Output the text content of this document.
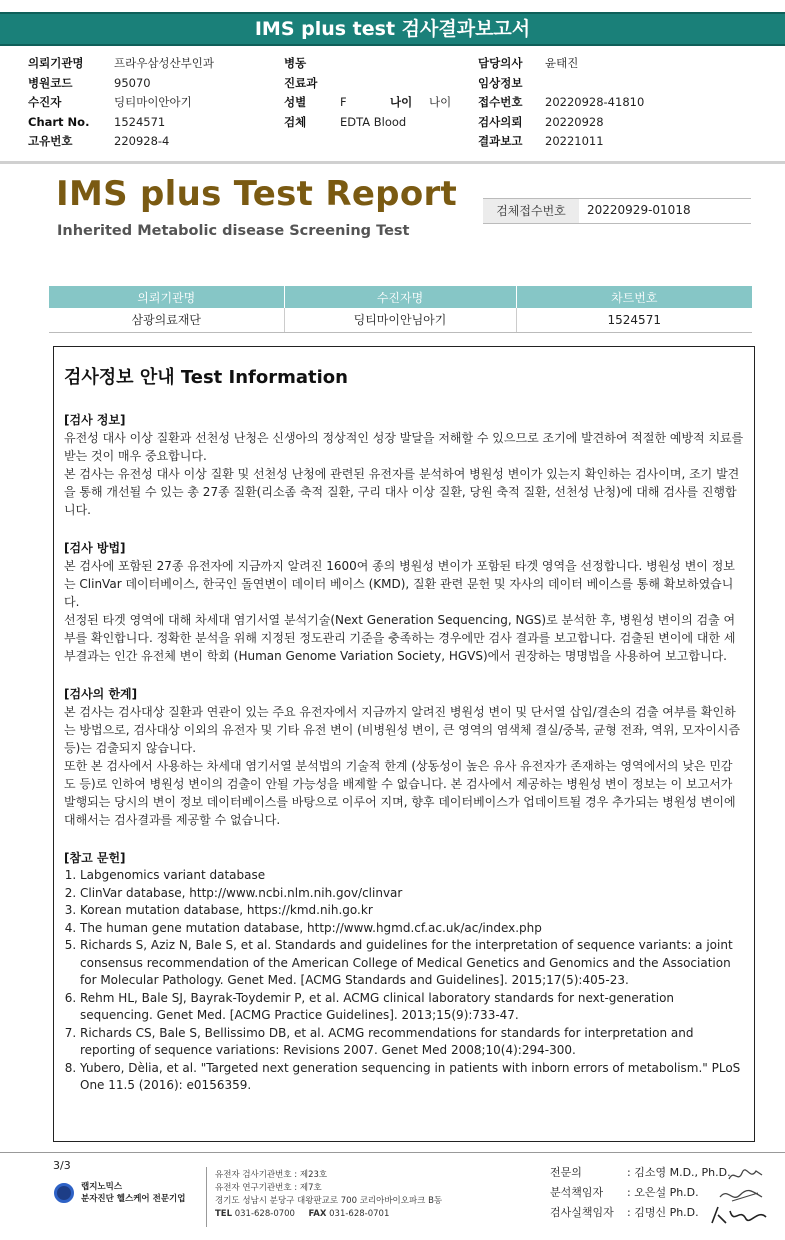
IMS plus test 검사결과보고서
의뢰기관명	프라우삼성산부인과
병원코드	95070
수진자	딩티마이안아기
Chart No. 1524571
고유번호	220928-4
병동
진료과
성별	F	나이 나이
검체	EDTA Blood
담당의사 윤태진
임상정보
접수번호 20220928-41810
검사의뢰 20220928
결과보고 20221011
IMS plus Test Report
Inherited Metabolic disease Screening Test
검체접수번호	20220929-01018
의뢰기관명	수진자명	차트번호
삼광의료재단	딩티마이안님아기	1524571
검사정보 안내 Test Information
[검사 정보]

유전성 대사 이상 질환과 선천성 난청은 신생아의 정상적인 성장 발달을 저해할 수 있으므로 조기에 발견하여 적절한 예방적 치료를 받는 것이 매우 중요합니다.

본 검사는 유전성 대사 이상 질환 및 선천성 난청에 관련된 유전자를 분석하여 병원성 변이가 있는지 확인하는 검사이며, 조기 발견을 통해 개선될 수 있는 총 27종 질환(리소좀 축적 질환, 구리 대사 이상 질환, 당원 축적 질환, 선천성 난청)에 대해 검사를 진행합니다.

[검사 방법]

본 검사에 포함된 27종 유전자에 지금까지 알려진 1600여 종의 병원성 변이가 포함된 타겟 영역을 선정합니다. 병원성 변이 정보는 ClinVar 데이터베이스, 한국인 돌연변이 데이터 베이스 (KMD), 질환 관련 문헌 및 자사의 데이터 베이스를 통해 확보하였습니다.

선정된 타겟 영역에 대해 차세대 염기서열 분석기술(Next Generation Sequencing, NGS)로 분석한 후, 병원성 변이의 검출 여부를 확인합니다. 정확한 분석을 위해 지정된 정도관리 기준을 충족하는 경우에만 검사 결과를 보고합니다. 검출된 변이에 대한 세부결과는 인간 유전체 변이 학회 (Human Genome Variation Society, HGVS)에서 권장하는 명명법을 사용하여 보고합니다.

[검사의 한계]

본 검사는 검사대상 질환과 연관이 있는 주요 유전자에서 지금까지 알려진 병원성 변이 및 단서열 삽입/결손의 검출 여부를 확인하는 방법으로, 검사대상 이외의 유전자 및 기타 유전 변이 (비병원성 변이, 큰 영역의 염색체 결실/중복, 균형 전좌, 역위, 모자이시즘 등)는 검출되지 않습니다.

또한 본 검사에서 사용하는 차세대 염기서열 분석법의 기술적 한계 (상동성이 높은 유사 유전자가 존재하는 영역에서의 낮은 민감도 등)로 인하여 병원성 변이의 검출이 안될 가능성을 배제할 수 없습니다. 본 검사에서 제공하는 병원성 변이 정보는 이 보고서가 발행되는 당시의 변이 정보 데이터베이스를 바탕으로 이루어 지며, 향후 데이터베이스가 업데이트될 경우 추가되는 병원성 변이에 대해서는 검사결과를 제공할 수 없습니다.

[참고 문헌]
1. Labgenomics variant database
2. ClinVar database, http://www.ncbi.nlm.nih.gov/clinvar
3. Korean mutation database, https://kmd.nih.go.kr
4. The human gene mutation database, http://www.hgmd.cf.ac.uk/ac/index.php
5. Richards S, Aziz N, Bale S, et al. Standards and guidelines for the interpretation of sequence variants: a joint consensus recommendation of the American College of Medical Genetics and Genomics and the Association for Molecular Pathology. Genet Med. [ACMG Standards and Guidelines]. 2015;17(5):405-23.
6. Rehm HL, Bale SJ, Bayrak-Toydemir P, et al. ACMG clinical laboratory standards for next-generation sequencing. Genet Med. [ACMG Practice Guidelines]. 2013;15(9):733-47.
7. Richards CS, Bale S, Bellissimo DB, et al. ACMG recommendations for standards for interpretation and reporting of sequence variations: Revisions 2007. Genet Med 2008;10(4):294-300.
8. Yubero, Dèlia, et al. "Targeted next generation sequencing in patients with inborn errors of metabolism." PLoS One 11.5 (2016): e0156359.
3/3
랩지노믹스
분자진단 헬스케어 전문기업
유전자 검사기관번호 : 제23호
유전자 연구기관번호 : 제7호
경기도 성남시 분당구 대왕판교로 700 코리아바이오파크 B동
TEL 031-628-0700 FAX 031-628-0701
전문의	: 김소영 M.D., Ph.D.
분석책임자 : 오은설 Ph.D.
검사실책임자 : 김명신 Ph.D.
